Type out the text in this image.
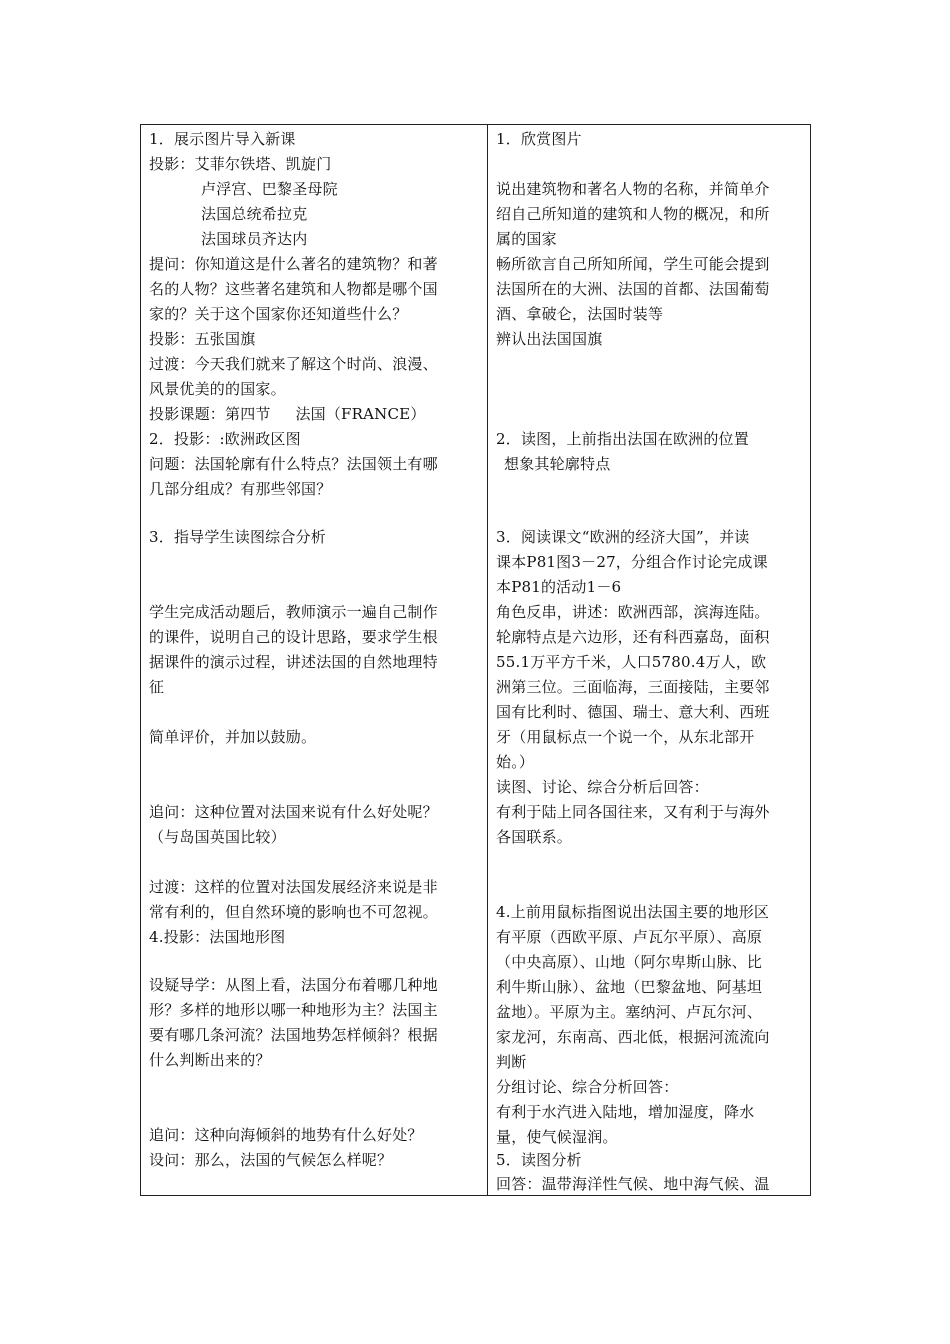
1．展示图片导入新课
投影：艾菲尔铁塔、凯旋门
卢浮宫、巴黎圣母院
法国总统希拉克
法国球员齐达内
提问：你知道这是什么著名的建筑物？和著
名的人物？这些著名建筑和人物都是哪个国
家的？关于这个国家你还知道些什么？
投影：五张国旗
过渡：今天我们就来了解这个时尚、浪漫、
风景优美的的国家。
投影课题：第四节     法国（FRANCE）
2．投影：:欧洲政区图
问题：法国轮廓有什么特点？法国领土有哪
几部分组成？有那些邻国？
3．指导学生读图综合分析
学生完成活动题后，教师演示一遍自己制作
的课件，说明自己的设计思路，要求学生根
据课件的演示过程，讲述法国的自然地理特
征
简单评价，并加以鼓励。
追问：这种位置对法国来说有什么好处呢？
（与岛国英国比较）
过渡：这样的位置对法国发展经济来说是非
常有利的，但自然环境的影响也不可忽视。
4.投影：法国地形图
设疑导学：从图上看，法国分布着哪几种地
形？多样的地形以哪一种地形为主？法国主
要有哪几条河流？法国地势怎样倾斜？根据
什么判断出来的？
追问：这种向海倾斜的地势有什么好处？
设问：那么，法国的气候怎么样呢？
1．欣赏图片
说出建筑物和著名人物的名称，并简单介
绍自己所知道的建筑和人物的概况，和所
属的国家
畅所欲言自己所知所闻，学生可能会提到
法国所在的大洲、法国的首都、法国葡萄
酒、拿破仑，法国时装等
辨认出法国国旗
2．读图，上前指出法国在欧洲的位置
想象其轮廓特点
3．阅读课文“欧洲的经济大国”，并读
课本P81图3－27，分组合作讨论完成课
本P81的活动1－6
角色反串，讲述：欧洲西部，滨海连陆。
轮廓特点是六边形，还有科西嘉岛，面积
55.1万平方千米，人口5780.4万人，欧
洲第三位。三面临海，三面接陆，主要邻
国有比利时、德国、瑞士、意大利、西班
牙（用鼠标点一个说一个，从东北部开
始。）
读图、讨论、综合分析后回答：
有利于陆上同各国往来，又有利于与海外
各国联系。
4.上前用鼠标指图说出法国主要的地形区
有平原（西欧平原、卢瓦尔平原）、高原
（中央高原）、山地（阿尔卑斯山脉、比
利牛斯山脉）、盆地（巴黎盆地、阿基坦
盆地）。平原为主。塞纳河、卢瓦尔河、
家龙河，东南高、西北低，根据河流流向
判断
分组讨论、综合分析回答：
有利于水汽进入陆地，增加湿度，降水
量，使气候湿润。
5．读图分析
回答：温带海洋性气候、地中海气候、温
